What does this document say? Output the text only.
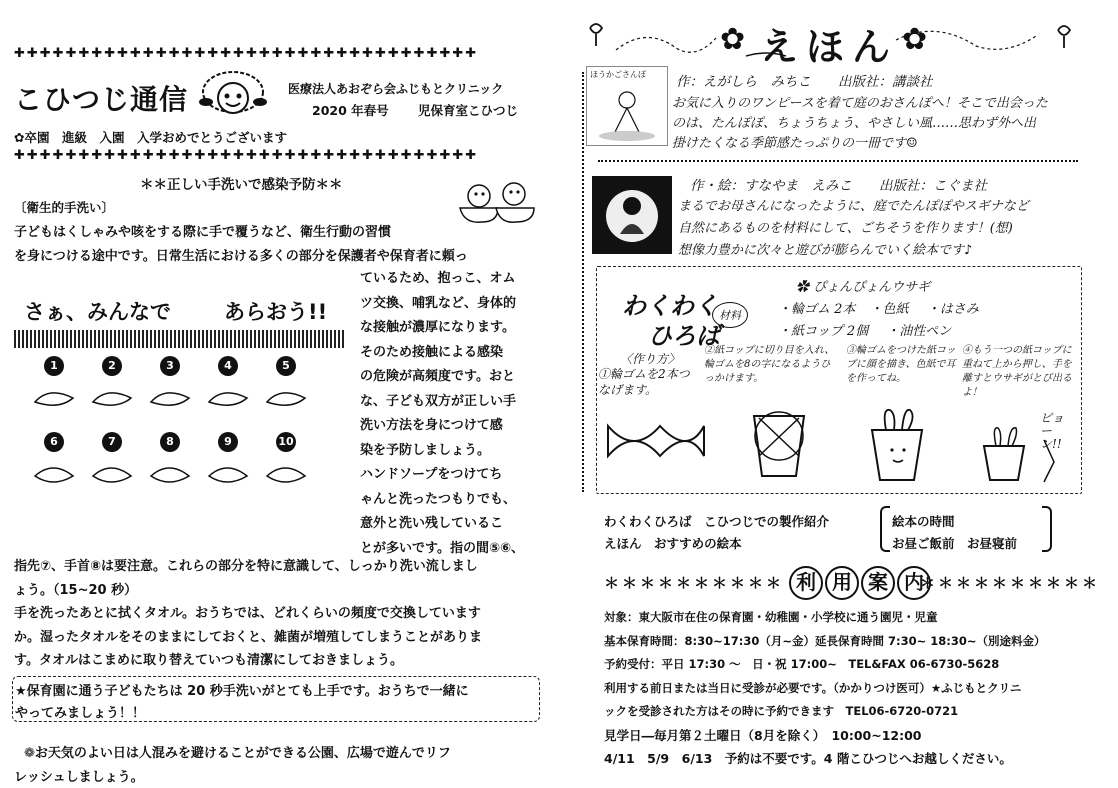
✚✚✚✚✚✚✚✚✚✚✚✚✚✚✚✚✚✚✚✚✚✚✚✚✚✚✚✚✚✚✚✚✚✚✚✚
こひつじ通信	医療法人あおぞら会ふじもとクリニック
2020 年春号 児保育室こひつじ
✿卒園　進級　入園　入学おめでとうございます
✚✚✚✚✚✚✚✚✚✚✚✚✚✚✚✚✚✚✚✚✚✚✚✚✚✚✚✚✚✚✚✚✚✚✚✚
＊＊正しい手洗いで感染予防＊＊
〔衛生的手洗い〕
子どもはくしゃみや咳をする際に手で覆うなど、衛生行動の習慣
を身につける途中です。日常生活における多くの部分を保護者や保育者に頼っ
さぁ、みんなで	あらおう!!
1	2	3	4	5
6	7	8	9	10
ているため、抱っこ、オム
ツ交換、哺乳など、身体的
な接触が濃厚になります。
そのため接触による感染
の危険が高頻度です。おと
な、子ども双方が正しい手
洗い方法を身につけて感
染を予防しましょう。
ハンドソープをつけてち
ゃんと洗ったつもりでも、
意外と洗い残しているこ
とが多いです。指の間⑤⑥、
指先⑦、手首⑧は要注意。これらの部分を特に意識して、しっかり洗い流しまし
ょう。（15~20 秒）
手を洗ったあとに拭くタオル。おうちでは、どれくらいの頻度で交換しています
か。湿ったタオルをそのままにしておくと、雑菌が増殖してしまうことがありま
す。タオルはこまめに取り替えていつも清潔にしておきましょう。
★保育園に通う子どもたちは 20 秒手洗いがとても上手です。おうちで一緒に
やってみましょう！！
❁お天気のよい日は人混みを避けることができる公園、広場で遊んでリフ
レッシュしましょう。
✿ えほん ✿
ほうかごさんぽ	作：えがしら　みちこ　　出版社：講談社
お気に入りのワンピースを着て庭のおさんぽへ！そこで出会った
のは、たんぽぽ、ちょうちょう、やさしい風……思わず外へ出
掛けたくなる季節感たっぷりの一冊です☺
作・絵：すなやま　えみこ　　出版社：こぐま社
まるでお母さんになったように、庭でたんぽぽやスギナなど
自然にあるものを材料にして、ごちそうを作ります！(想)
想像力豊かに次々と遊びが膨らんでいく絵本です♪
わくわく
ひろば
材料
✿ ぴょんぴょんウサギ
・輪ゴム 2本 ・色紙 ・はさみ
・紙コップ 2個 ・油性ペン
〈作り方〉
①輪ゴムを2本つなげます。
②紙コップに切り目を入れ、輪ゴムを8の字になるようひっかけます。
③輪ゴムをつけた紙コップに顔を描き、色紙で耳を作ってね。
④もう一つの紙コップに重ねて上から押し、手を離すとウサギがとび出るよ！
ピョーン!!
わくわくひろば　こひつじでの製作紹介
えほん　おすすめの絵本
絵本の時間
お昼ご飯前　お昼寝前
＊＊＊＊＊＊＊＊＊＊ 利 用 案 内
＊＊＊＊＊＊＊＊＊＊
対象：東大阪市在住の保育園・幼稚園・小学校に通う園児・児童
基本保育時間：8:30~17:30（月~金）延長保育時間 7:30~ 18:30~（別途料金）
予約受付：平日 17:30 ～　日・祝 17:00~　TEL&FAX 06-6730-5628
利用する前日または当日に受診が必要です。（かかりつけ医可）★ふじもとクリニ
ックを受診された方はその時に予約できます　TEL06-6720-0721
見学日―毎月第２土曜日（8月を除く）　10:00~12:00
4/11　5/9　6/13　予約は不要です。4 階こひつじへお越しください。
